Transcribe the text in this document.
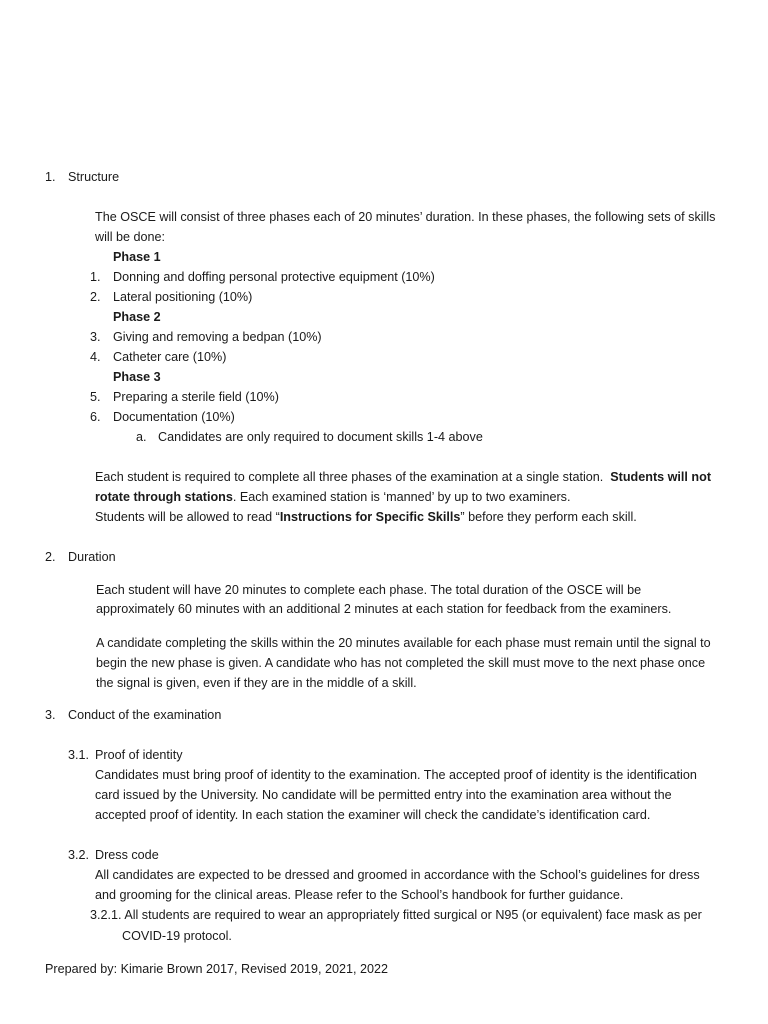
1. Structure
The OSCE will consist of three phases each of 20 minutes’ duration. In these phases, the following sets of skills
will be done:
Phase 1
1. Donning and doffing personal protective equipment (10%)
2. Lateral positioning (10%)
Phase 2
3. Giving and removing a bedpan (10%)
4. Catheter care (10%)
Phase 3
5. Preparing a sterile field (10%)
6. Documentation (10%)
a. Candidates are only required to document skills 1-4 above
Each student is required to complete all three phases of the examination at a single station. Students will not
rotate through stations. Each examined station is ‘manned’ by up to two examiners.
Students will be allowed to read “Instructions for Specific Skills” before they perform each skill.
2. Duration
Each student will have 20 minutes to complete each phase. The total duration of the OSCE will be
approximately 60 minutes with an additional 2 minutes at each station for feedback from the examiners.
A candidate completing the skills within the 20 minutes available for each phase must remain until the signal to
begin the new phase is given. A candidate who has not completed the skill must move to the next phase once
the signal is given, even if they are in the middle of a skill.
3. Conduct of the examination
3.1. Proof of identity
Candidates must bring proof of identity to the examination. The accepted proof of identity is the identification
card issued by the University. No candidate will be permitted entry into the examination area without the
accepted proof of identity. In each station the examiner will check the candidate’s identification card.
3.2. Dress code
All candidates are expected to be dressed and groomed in accordance with the School’s guidelines for dress
and grooming for the clinical areas. Please refer to the School’s handbook for further guidance.
3.2.1. All students are required to wear an appropriately fitted surgical or N95 (or equivalent) face mask as per
COVID-19 protocol.
Prepared by: Kimarie Brown 2017, Revised 2019, 2021, 2022
